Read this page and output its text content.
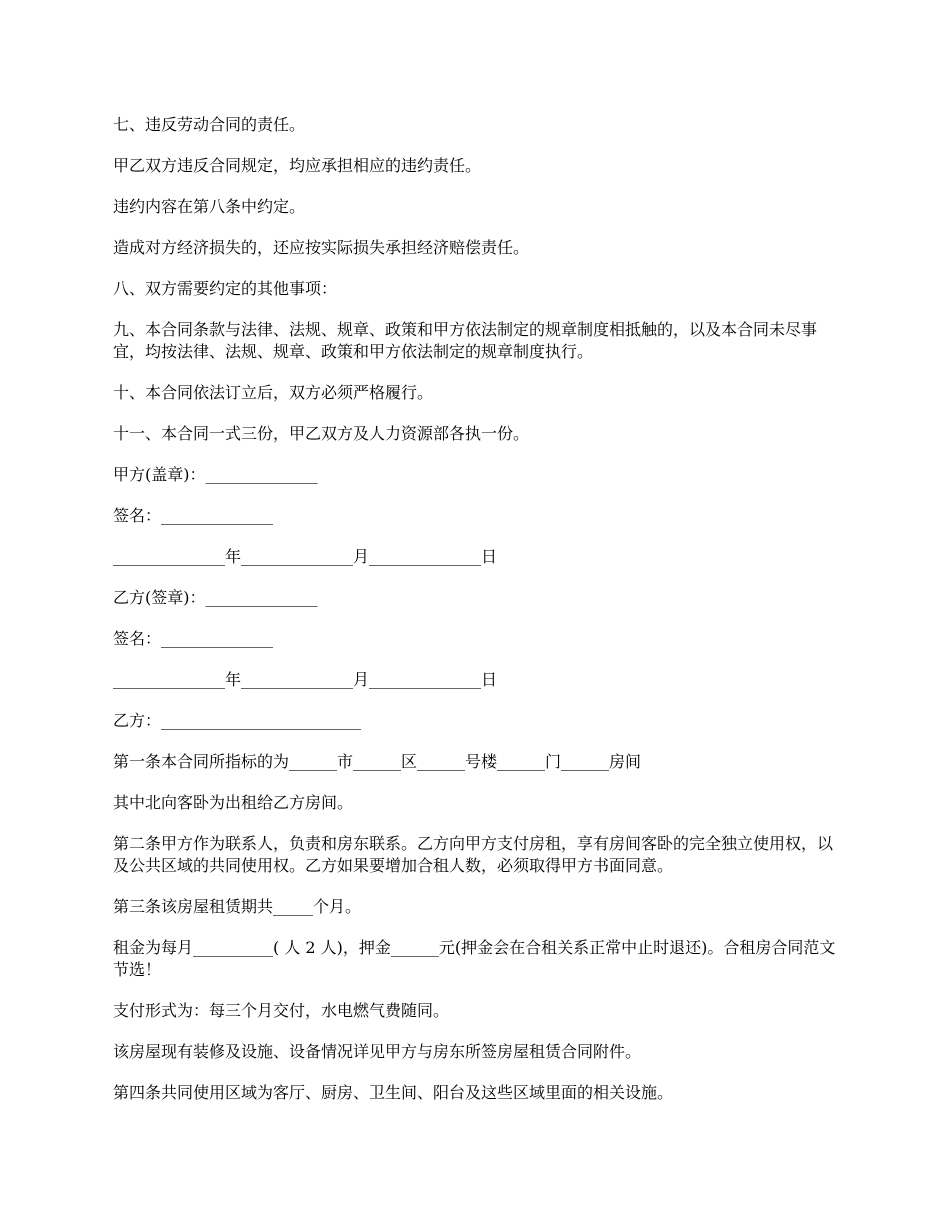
七、违反劳动合同的责任。

甲乙双方违反合同规定，均应承担相应的违约责任。

违约内容在第八条中约定。

造成对方经济损失的，还应按实际损失承担经济赔偿责任。

八、双方需要约定的其他事项：

九、本合同条款与法律、法规、规章、政策和甲方依法制定的规章制度相抵触的，以及本合同未尽事宜，均按法律、法规、规章、政策和甲方依法制定的规章制度执行。

十、本合同依法订立后，双方必须严格履行。

十一、本合同一式三份，甲乙双方及人力资源部各执一份。

甲方(盖章)：______________

签名：______________

______________年______________月______________日

乙方(签章)：______________

签名：______________

______________年______________月______________日

乙方：_________________________

第一条本合同所指标的为______市______区______号楼______门______房间

其中北向客卧为出租给乙方房间。

第二条甲方作为联系人，负责和房东联系。乙方向甲方支付房租，享有房间客卧的完全独立使用权，以及公共区域的共同使用权。乙方如果要增加合租人数，必须取得甲方书面同意。

第三条该房屋租赁期共_____个月。

租金为每月__________( 人 2 人)，押金______元(押金会在合租关系正常中止时退还)。合租房合同范文节选！

支付形式为：每三个月交付，水电燃气费随同。

该房屋现有装修及设施、设备情况详见甲方与房东所签房屋租赁合同附件。

第四条共同使用区域为客厅、厨房、卫生间、阳台及这些区域里面的相关设施。
